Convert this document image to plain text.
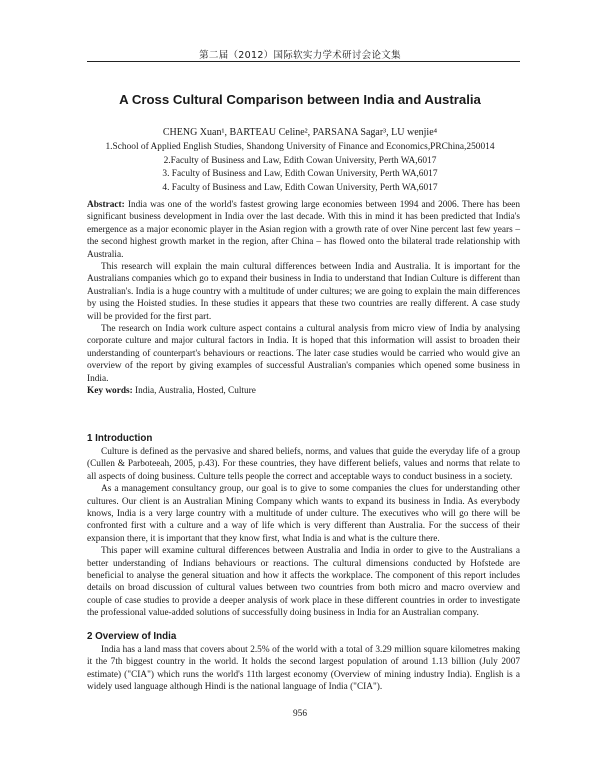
第二届（2012）国际软实力学术研讨会论文集
A Cross Cultural Comparison between India and Australia
CHENG Xuan¹, BARTEAU Celine², PARSANA Sagar³, LU wenjie⁴
1.School of Applied English Studies, Shandong University of Finance and Economics,PRChina,250014
2.Faculty of Business and Law, Edith Cowan University, Perth WA,6017
3. Faculty of Business and Law, Edith Cowan University, Perth WA,6017
4. Faculty of Business and Law, Edith Cowan University, Perth WA,6017

Abstract: India was one of the world's fastest growing large economies between 1994 and 2006. There has been significant business development in India over the last decade. With this in mind it has been predicted that India's emergence as a major economic player in the Asian region with a growth rate of over Nine percent last few years – the second highest growth market in the region, after China – has flowed onto the bilateral trade relationship with Australia.

This research will explain the main cultural differences between India and Australia. It is important for the Australians companies which go to expand their business in India to understand that Indian Culture is different than Australian's. India is a huge country with a multitude of under cultures; we are going to explain the main differences by using the Hoisted studies. In these studies it appears that these two countries are really different. A case study will be provided for the first part.

The research on India work culture aspect contains a cultural analysis from micro view of India by analysing corporate culture and major cultural factors in India. It is hoped that this information will assist to broaden their understanding of counterpart's behaviours or reactions. The later case studies would be carried who would give an overview of the report by giving examples of successful Australian's companies which opened some business in India.

Key words: India, Australia, Hosted, Culture

1 Introduction

Culture is defined as the pervasive and shared beliefs, norms, and values that guide the everyday life of a group (Cullen & Parboteeah, 2005, p.43). For these countries, they have different beliefs, values and norms that relate to all aspects of doing business. Culture tells people the correct and acceptable ways to conduct business in a society.

As a management consultancy group, our goal is to give to some companies the clues for understanding other cultures. Our client is an Australian Mining Company which wants to expand its business in India. As everybody knows, India is a very large country with a multitude of under culture. The executives who will go there will be confronted first with a culture and a way of life which is very different than Australia. For the success of their expansion there, it is important that they know first, what India is and what is the culture there.

This paper will examine cultural differences between Australia and India in order to give to the Australians a better understanding of Indians behaviours or reactions. The cultural dimensions conducted by Hofstede are beneficial to analyse the general situation and how it affects the workplace. The component of this report includes details on broad discussion of cultural values between two countries from both micro and macro overview and couple of case studies to provide a deeper analysis of work place in these different countries in order to investigate the professional value-added solutions of successfully doing business in India for an Australian company.

2 Overview of India

India has a land mass that covers about 2.5% of the world with a total of 3.29 million square kilometres making it the 7th biggest country in the world. It holds the second largest population of around 1.13 billion (July 2007 estimate) ("CIA") which runs the world's 11th largest economy (Overview of mining industry India). English is a widely used language although Hindi is the national language of India ("CIA").

956
